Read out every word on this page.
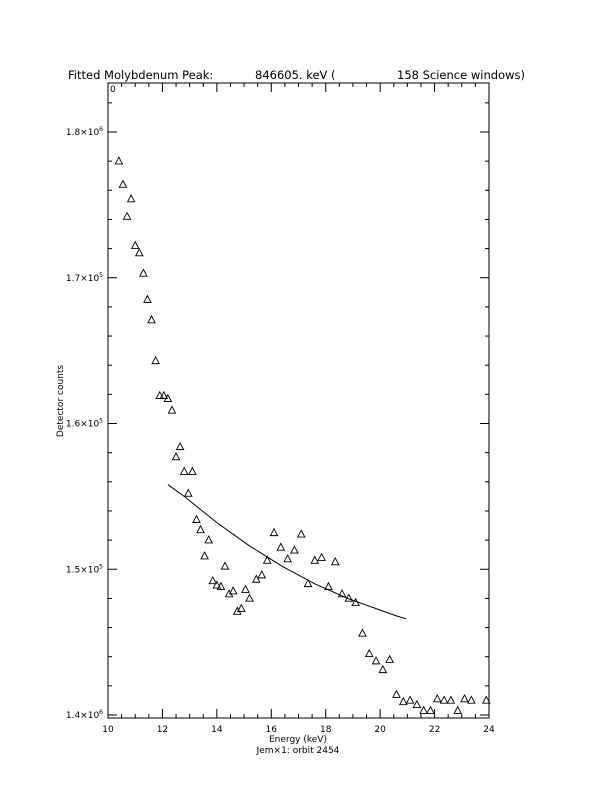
Fitted Molybdenum Peak:	846605. keV (	158 Science windows)
0
10	12	14	16	18	20	22	24
$1.4\times 10^6$
$1.5\times 10^5$
$1.6\times 10^5$
$1.7\times 10^5$
$1.8\times 10^6$
Energy (keV)
Jem×1: orbit 2454
Detector counts
